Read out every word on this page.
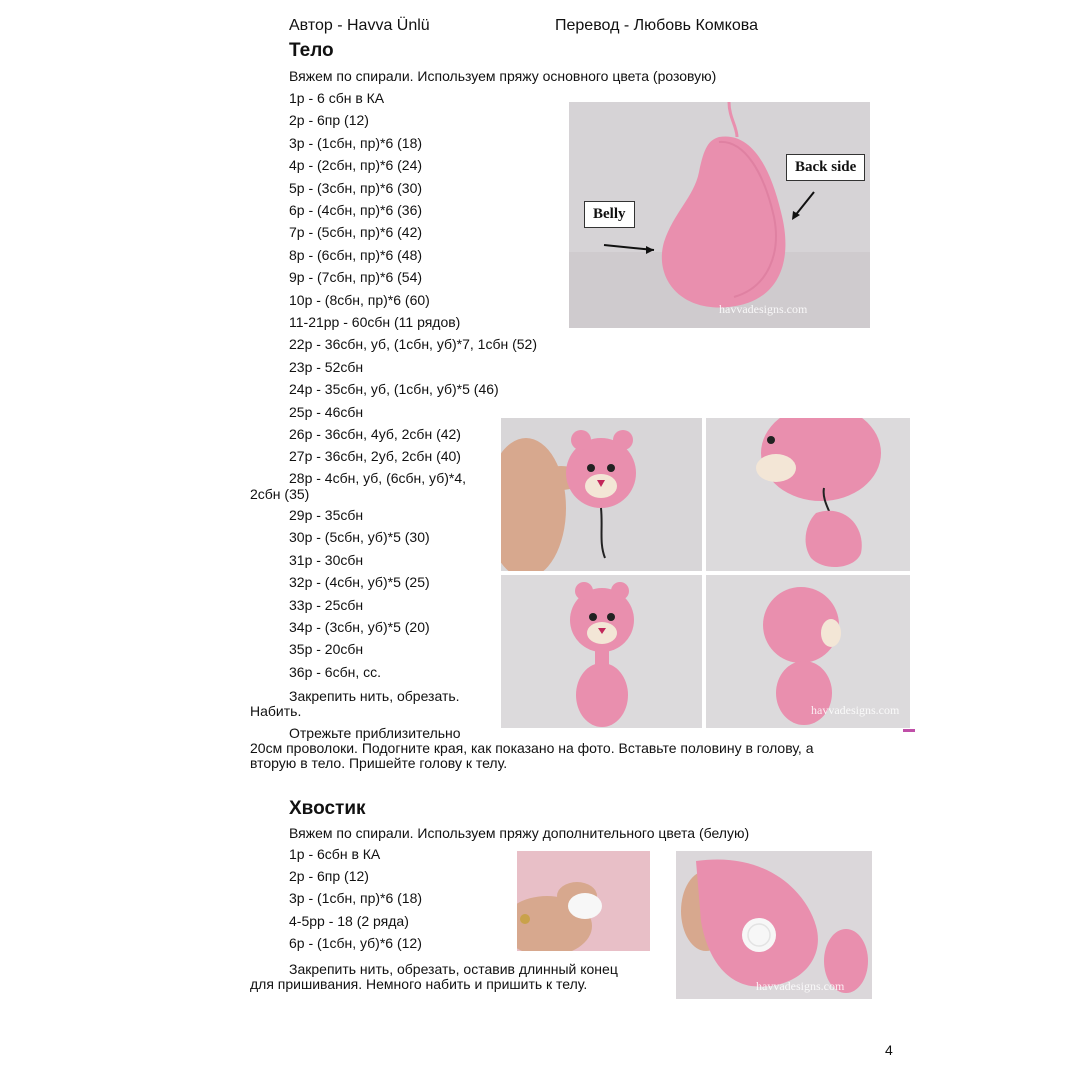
Автор - Havva Ünlü	Перевод - Любовь Комкова
Тело
Вяжем по спирали. Используем пряжу основного цвета (розовую)
1р - 6 сбн в КА
2р - 6пр (12)
3р - (1сбн, пр)*6 (18)
4р - (2сбн, пр)*6 (24)
5р - (3сбн, пр)*6 (30)
6р - (4сбн, пр)*6 (36)
7р - (5сбн, пр)*6 (42)
8р - (6сбн, пр)*6 (48)
9р - (7сбн, пр)*6 (54)
10р - (8сбн, пр)*6 (60)
11-21рр - 60сбн (11 рядов)
22р - 36сбн, уб, (1сбн, уб)*7, 1сбн (52)
23р - 52сбн
24р - 35сбн, уб, (1сбн, уб)*5 (46)
25р - 46сбн
26р - 36сбн, 4уб, 2сбн (42)
27р - 36сбн, 2уб, 2сбн (40)
28р - 4сбн, уб, (6сбн, уб)*4,
29р - 35сбн
30р - (5сбн, уб)*5 (30)
31р - 30сбн
32р - (4сбн, уб)*5 (25)
33р - 25сбн
34р - (3сбн, уб)*5 (20)
35р - 20сбн
36р - 6сбн, сс.
2сбн (35)
Закрепить нить, обрезать.
Набить.
Отрежьте приблизительно
20см проволоки. Подогните края, как показано на фото. Вставьте половину в голову, а
вторую в тело. Пришейте голову к телу.
Хвостик
Вяжем по спирали. Используем пряжу дополнительного цвета (белую)
1р - 6сбн в КА
2р - 6пр (12)
3р - (1сбн, пр)*6 (18)
4-5рр - 18 (2 ряда)
6р - (1сбн, уб)*6 (12)
Закрепить нить, обрезать, оставив длинный конец
для пришивания. Немного набить и пришить к телу.
Back side
Belly
havvadesigns.com
havvadesigns.com
havvadesigns.com
4
